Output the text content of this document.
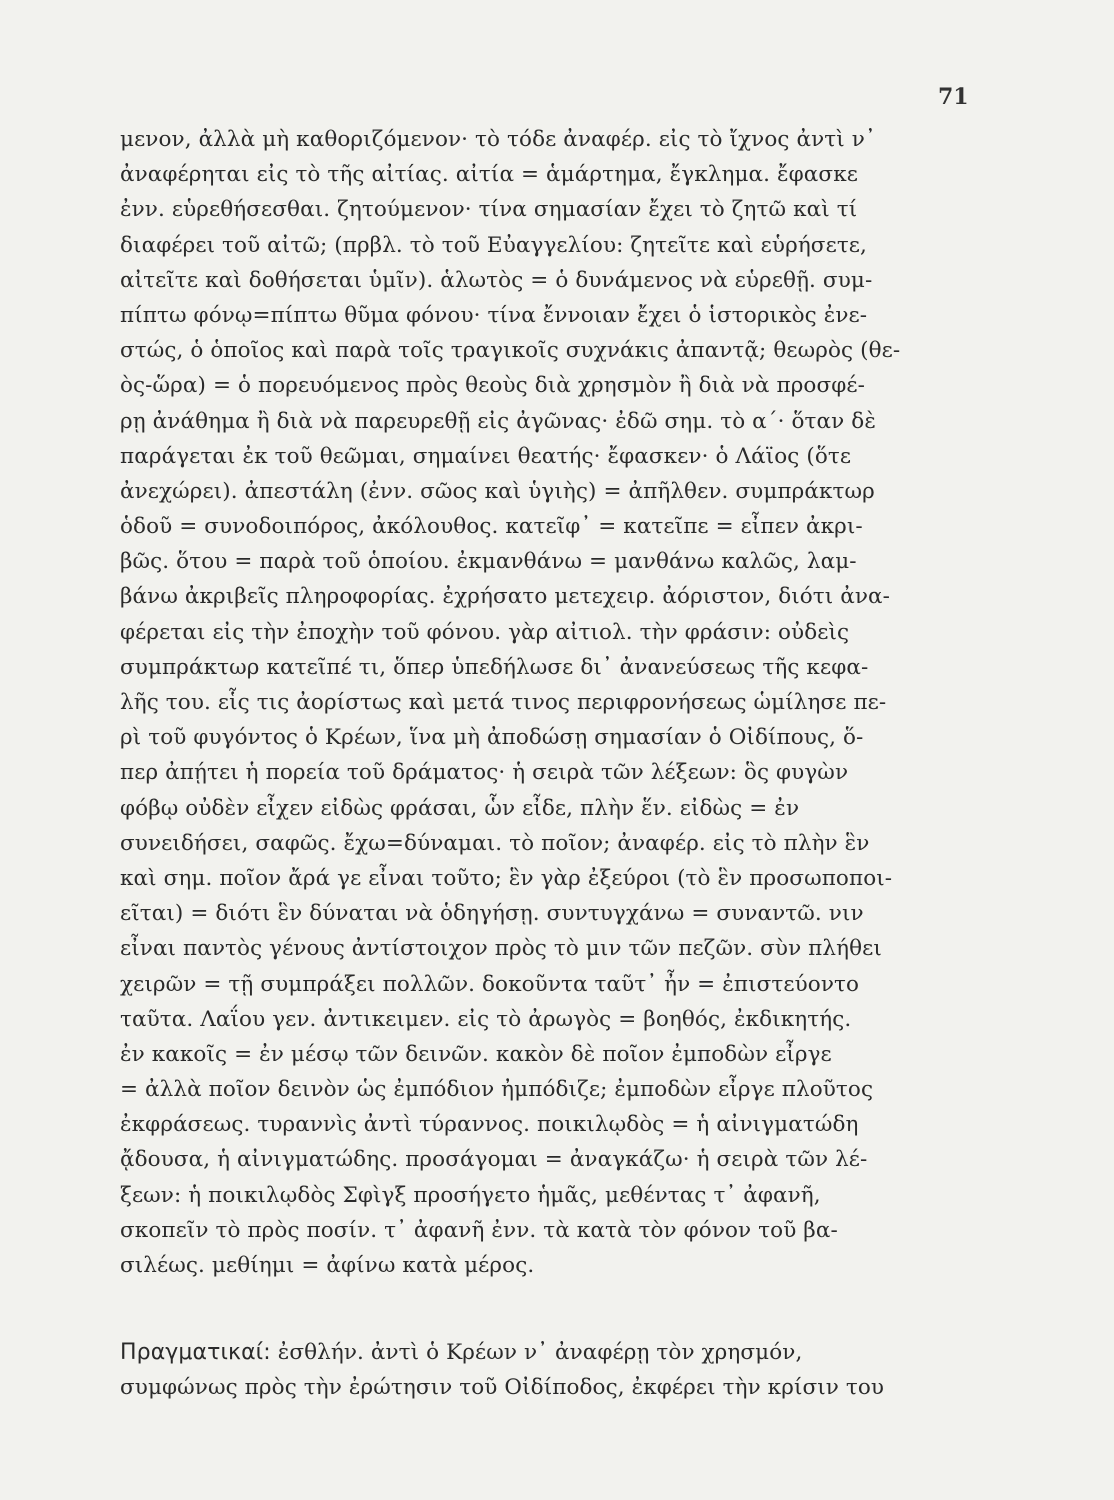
71
μενον, ἀλλὰ μὴ καθοριζόμενον· τὸ τόδε ἀναφέρ. εἰς τὸ ἴχνος ἀντὶ ν᾿
ἀναφέρηται εἰς τὸ τῆς αἰτίας. αἰτία = ἁμάρτημα, ἔγκλημα. ἔφασκε
ἐνν. εὑρεθήσεσθαι. ζητούμενον· τίνα σημασίαν ἔχει τὸ ζητῶ καὶ τί
διαφέρει τοῦ αἰτῶ; (πρβλ. τὸ τοῦ Εὐαγγελίου: ζητεῖτε καὶ εὑρήσετε,
αἰτεῖτε καὶ δοθήσεται ὑμῖν). ἁλωτὸς = ὁ δυνάμενος νὰ εὑρεθῇ. συμ-
πίπτω φόνῳ=πίπτω θῦμα φόνου· τίνα ἔννοιαν ἔχει ὁ ἱστορικὸς ἐνε-
στώς, ὁ ὁποῖος καὶ παρὰ τοῖς τραγικοῖς συχνάκις ἀπαντᾷ; θεωρὸς (θε-
ὸς-ὥρα) = ὁ πορευόμενος πρὸς θεοὺς διὰ χρησμὸν ἢ διὰ νὰ προσφέ-
ρῃ ἀνάθημα ἢ διὰ νὰ παρευρεθῇ εἰς ἀγῶνας· ἐδῶ σημ. τὸ α΄· ὅταν δὲ
παράγεται ἐκ τοῦ θεῶμαι, σημαίνει θεατής· ἔφασκεν· ὁ Λάϊος (ὅτε
ἀνεχώρει). ἀπεστάλη (ἐνν. σῶος καὶ ὑγιὴς) = ἀπῆλθεν. συμπράκτωρ
ὁδοῦ = συνοδοιπόρος, ἀκόλουθος. κατεῖφ᾿ = κατεῖπε = εἶπεν ἀκρι-
βῶς. ὅτου = παρὰ τοῦ ὁποίου. ἐκμανθάνω = μανθάνω καλῶς, λαμ-
βάνω ἀκριβεῖς πληροφορίας. ἐχρήσατο μετεχειρ. ἀόριστον, διότι ἀνα-
φέρεται εἰς τὴν ἐποχὴν τοῦ φόνου. γὰρ αἰτιολ. τὴν φράσιν: οὐδεὶς
συμπράκτωρ κατεῖπέ τι, ὅπερ ὑπεδήλωσε δι᾿ ἀνανεύσεως τῆς κεφα-
λῆς του. εἷς τις ἀορίστως καὶ μετά τινος περιφρονήσεως ὡμίλησε πε-
ρὶ τοῦ φυγόντος ὁ Κρέων, ἵνα μὴ ἀποδώσῃ σημασίαν ὁ Οἰδίπους, ὅ-
περ ἀπῄτει ἡ πορεία τοῦ δράματος· ἡ σειρὰ τῶν λέξεων: ὃς φυγὼν
φόβῳ οὐδὲν εἶχεν εἰδὼς φράσαι, ὧν εἶδε, πλὴν ἕν. εἰδὼς = ἐν
συνειδήσει, σαφῶς. ἔχω=δύναμαι. τὸ ποῖον; ἀναφέρ. εἰς τὸ πλὴν ἓν
καὶ σημ. ποῖον ἄρά γε εἶναι τοῦτο; ἓν γὰρ ἐξεύροι (τὸ ἓν προσωποποι-
εῖται) = διότι ἓν δύναται νὰ ὁδηγήσῃ. συντυγχάνω = συναντῶ. νιν
εἶναι παντὸς γένους ἀντίστοιχον πρὸς τὸ μιν τῶν πεζῶν. σὺν πλήθει
χειρῶν = τῇ συμπράξει πολλῶν. δοκοῦντα ταῦτ᾿ ἦν = ἐπιστεύοντο
ταῦτα. Λαΐου γεν. ἀντικειμεν. εἰς τὸ ἀρωγὸς = βοηθός, ἐκδικητής.
ἐν κακοῖς = ἐν μέσῳ τῶν δεινῶν. κακὸν δὲ ποῖον ἐμποδὼν εἶργε
= ἀλλὰ ποῖον δεινὸν ὡς ἐμπόδιον ἠμπόδιζε; ἐμποδὼν εἶργε πλοῦτος
ἐκφράσεως. τυραννὶς ἀντὶ τύραννος. ποικιλῳδὸς = ἡ αἰνιγματώδη
ᾄδουσα, ἡ αἰνιγματώδης. προσάγομαι = ἀναγκάζω· ἡ σειρὰ τῶν λέ-
ξεων: ἡ ποικιλῳδὸς Σφὶγξ προσήγετο ἡμᾶς, μεθέντας τ᾿ ἀφανῆ,
σκοπεῖν τὸ πρὸς ποσίν. τ᾿ ἀφανῆ ἐνν. τὰ κατὰ τὸν φόνον τοῦ βα-
σιλέως. μεθίημι = ἀφίνω κατὰ μέρος.
Πραγματικαί: ἐσθλήν. ἀντὶ ὁ Κρέων ν᾿ ἀναφέρῃ τὸν χρησμόν,
συμφώνως πρὸς τὴν ἐρώτησιν τοῦ Οἰδίποδος, ἐκφέρει τὴν κρίσιν του
